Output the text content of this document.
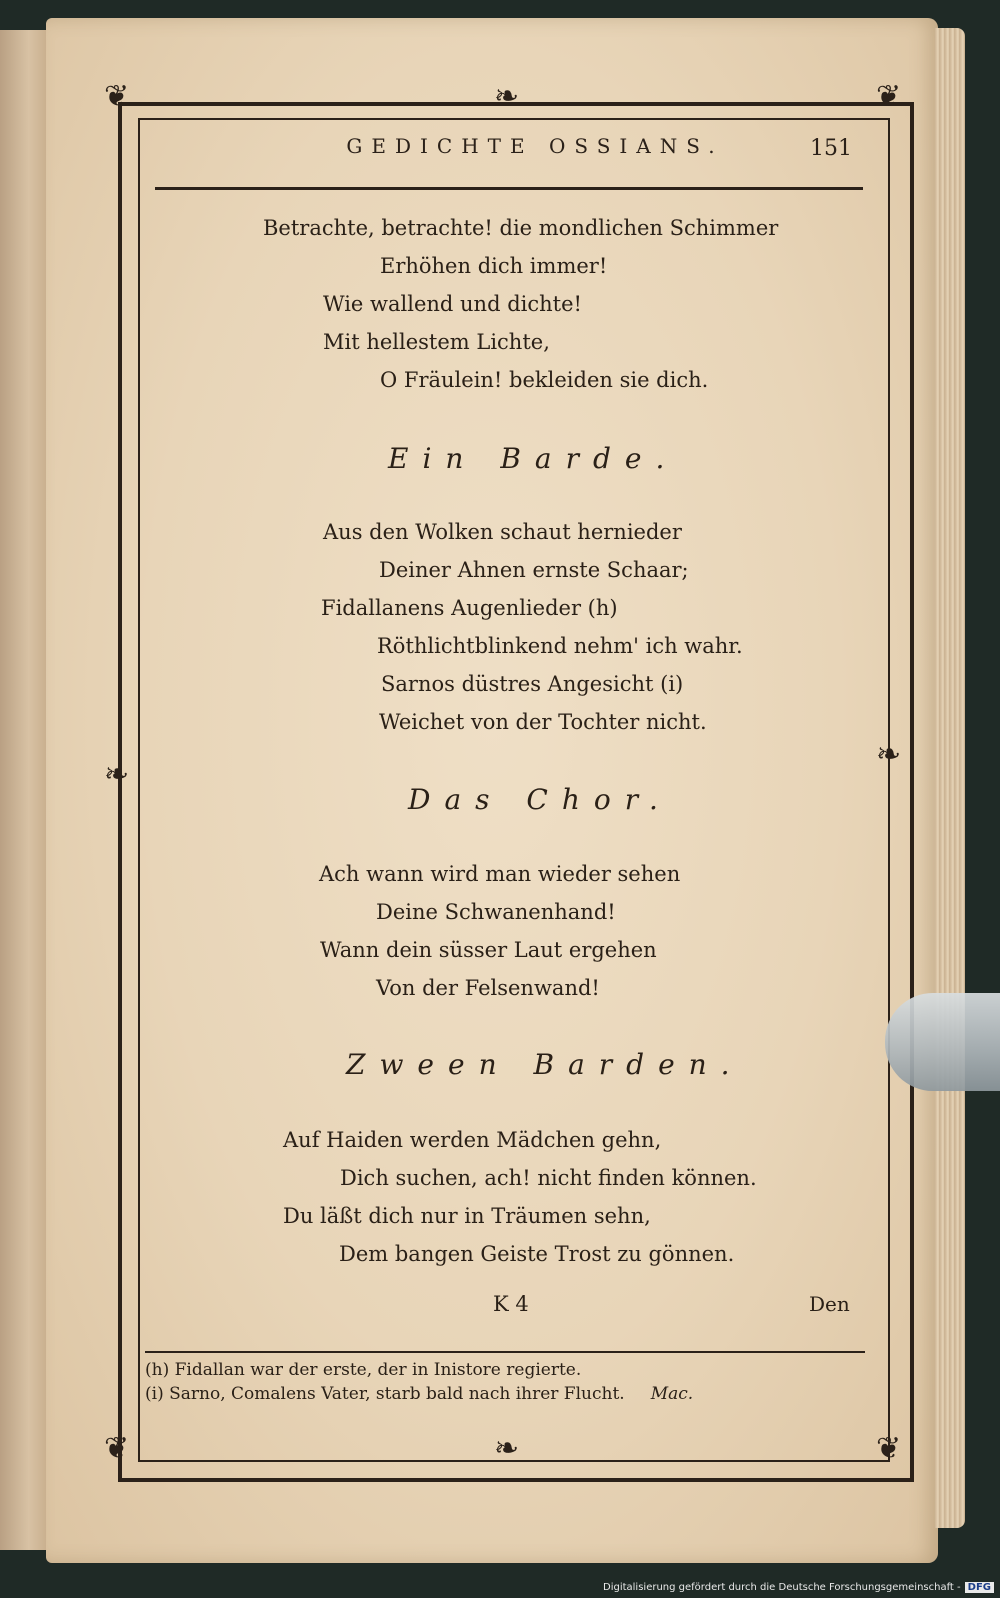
❦	❦
❦	❦
❧
❧
❧
❧
GEDICHTE OSSIANS.	151
Betrachte, betrachte! die mondlichen Schimmer
Erhöhen dich immer!
Wie wallend und dichte!
Mit hellestem Lichte,
O Fräulein! bekleiden sie dich.
Ein Barde.
Aus den Wolken schaut hernieder
Deiner Ahnen ernste Schaar;
Fidallanens Augenlieder (h)
Röthlichtblinkend nehm' ich wahr.
Sarnos düstres Angesicht (i)
Weichet von der Tochter nicht.
Das Chor.
Ach wann wird man wieder sehen
Deine Schwanenhand!
Wann dein süsser Laut ergehen
Von der Felsenwand!
Zween Barden.
Auf Haiden werden Mädchen gehn,
Dich suchen, ach! nicht finden können.
Du läßt dich nur in Träumen sehn,
Dem bangen Geiste Trost zu gönnen.
K 4	Den
(h) Fidallan war der erste, der in Inistore regierte.
(i) Sarno, Comalens Vater, starb bald nach ihrer Flucht. Mac.
Digitalisierung gefördert durch die Deutsche Forschungsgemeinschaft - DFG
